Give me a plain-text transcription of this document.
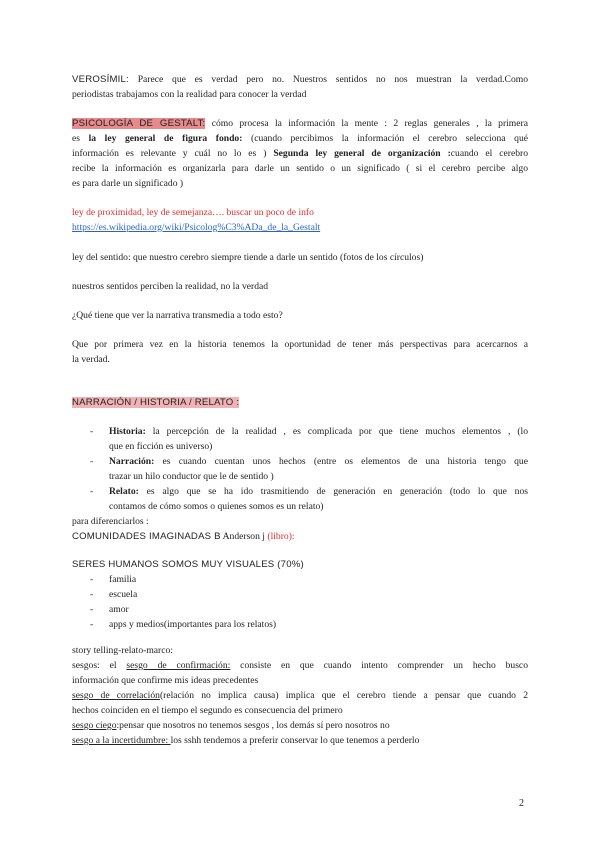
VEROSÍMIL: Parece que es verdad pero no. Nuestros sentidos no nos muestran la verdad.Como
periodistas trabajamos con la realidad para conocer la verdad
PSICOLOGÍA DE GESTALT: cómo procesa la información la mente : 2 reglas generales , la primera
es la ley general de figura fondo: (cuando percibimos la información el cerebro selecciona qué
información es relevante y cuál no lo es ) Segunda ley general de organización :cuando el cerebro
recibe la información es organizarla para darle un sentido o un significado ( si el cerebro percibe algo
es para darle un significado )
ley de proximidad, ley de semejanza…. buscar un poco de info
https://es.wikipedia.org/wiki/Psicolog%C3%ADa_de_la_Gestalt
ley del sentido: que nuestro cerebro siempre tiende a darle un sentido (fotos de los círculos)
nuestros sentidos perciben la realidad, no la verdad
¿Qué tiene que ver la narrativa transmedia a todo esto?
Que por primera vez en la historia tenemos la oportunidad de tener más perspectivas para acercarnos a
la verdad.
NARRACIÓN / HISTORIA / RELATO :
- Historia: la percepción de la realidad , es complicada por que tiene muchos elementos , (lo
que en ficción es universo)
- Narración: es cuando cuentan unos hechos (entre os elementos de una historia tengo que
trazar un hilo conductor que le de sentido )
- Relato: es algo que se ha ido trasmitiendo de generación en generación (todo lo que nos
contamos de cómo somos o quienes somos es un relato)
para diferenciarlos :
COMUNIDADES IMAGINADAS B Anderson j (libro):
SERES HUMANOS SOMOS MUY VISUALES (70%)
- familia
- escuela
- amor
- apps y medios(importantes para los relatos)
story telling-relato-marco:
sesgos: el sesgo de confirmación: consiste en que cuando intento comprender un hecho busco
información que confirme mis ideas precedentes
sesgo de correlación(relación no implica causa) implica que el cerebro tiende a pensar que cuando 2
hechos coinciden en el tiempo el segundo es consecuencia del primero
sesgo ciego:pensar que nosotros no tenemos sesgos , los demás sí pero nosotros no
sesgo a la incertidumbre: los sshh tendemos a preferir conservar lo que tenemos a perderlo
2
